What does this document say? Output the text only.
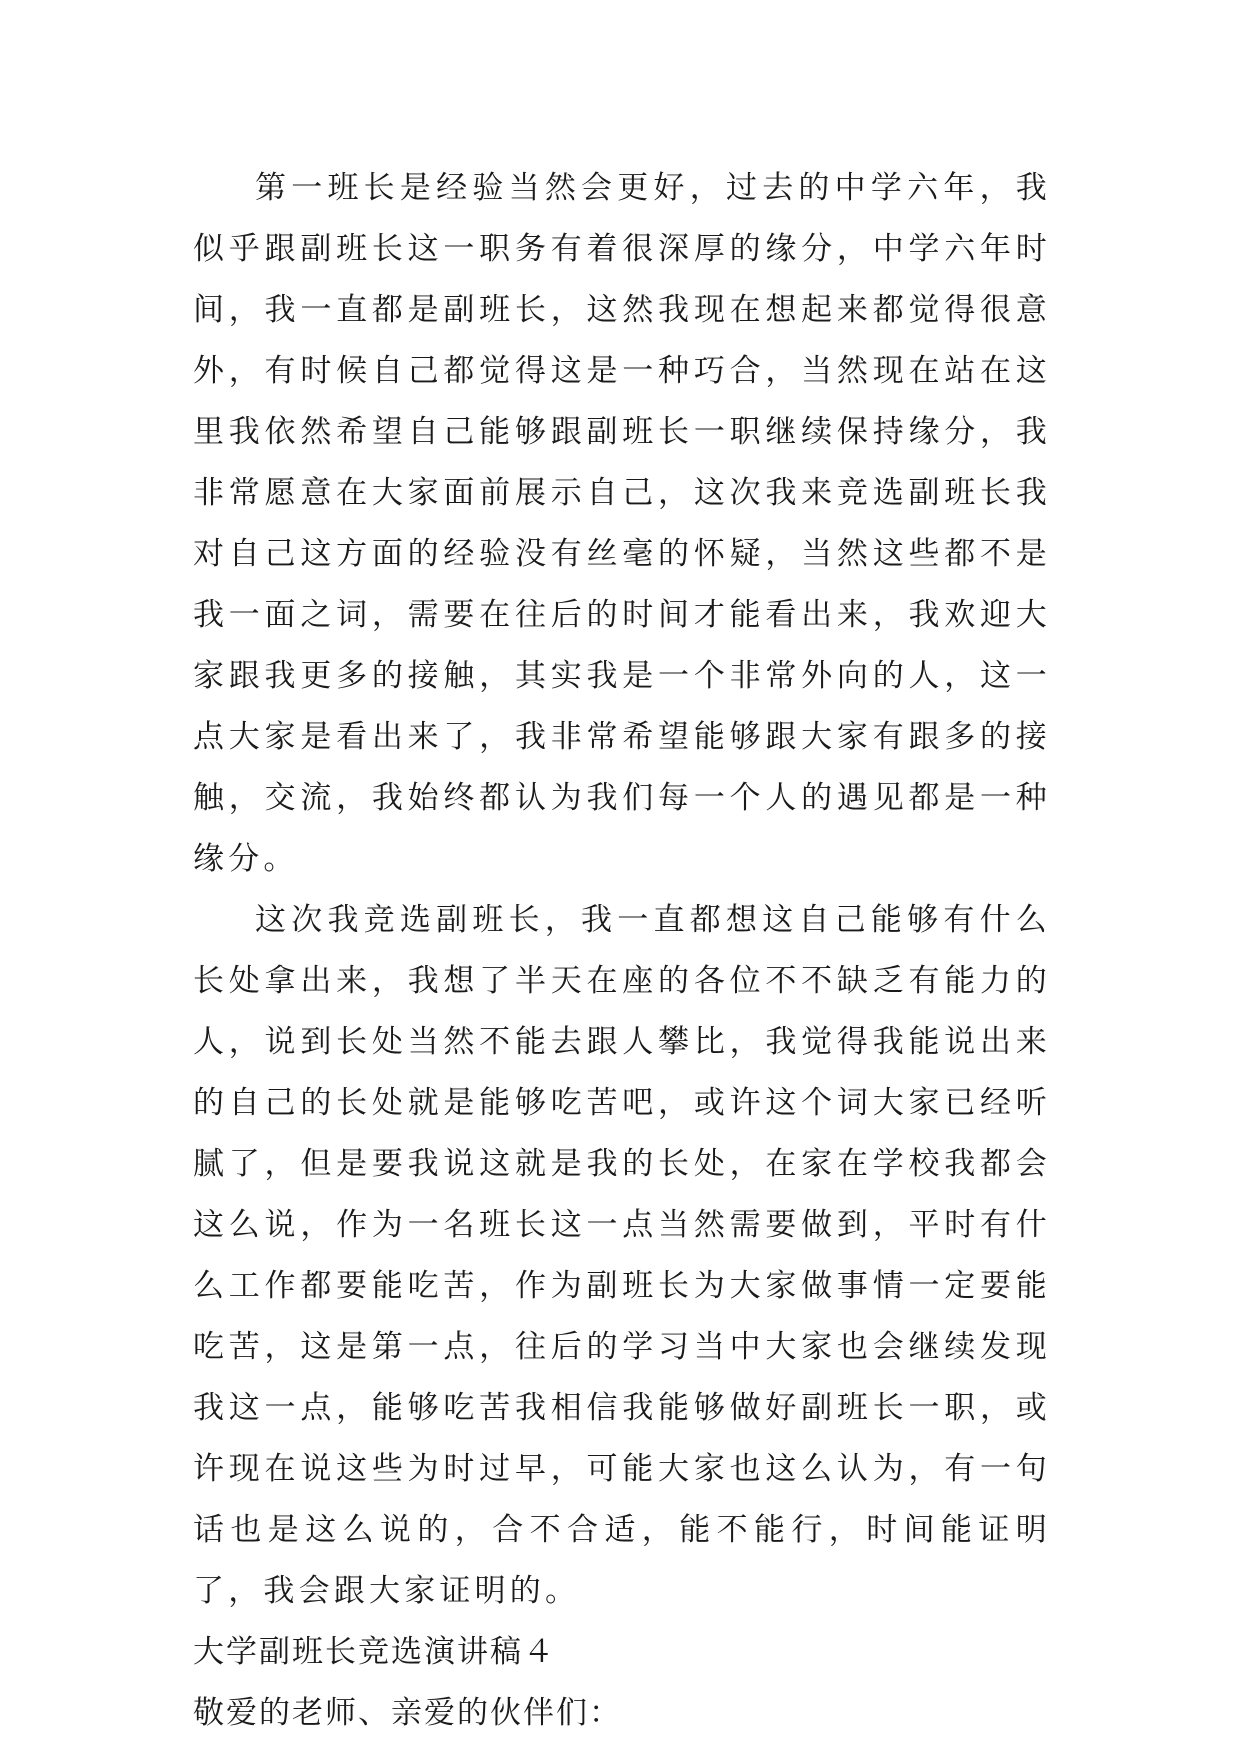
第一班长是经验当然会更好，过去的中学六年，我似乎跟副班长这一职务有着很深厚的缘分，中学六年时间，我一直都是副班长，这然我现在想起来都觉得很意外，有时候自己都觉得这是一种巧合，当然现在站在这里我依然希望自己能够跟副班长一职继续保持缘分，我非常愿意在大家面前展示自己，这次我来竞选副班长我对自己这方面的经验没有丝毫的怀疑，当然这些都不是我一面之词，需要在往后的时间才能看出来，我欢迎大家跟我更多的接触，其实我是一个非常外向的人，这一点大家是看出来了，我非常希望能够跟大家有跟多的接触，交流，我始终都认为我们每一个人的遇见都是一种缘分。

这次我竞选副班长，我一直都想这自己能够有什么长处拿出来，我想了半天在座的各位不不缺乏有能力的人，说到长处当然不能去跟人攀比，我觉得我能说出来的自己的长处就是能够吃苦吧，或许这个词大家已经听腻了，但是要我说这就是我的长处，在家在学校我都会这么说，作为一名班长这一点当然需要做到，平时有什么工作都要能吃苦，作为副班长为大家做事情一定要能吃苦，这是第一点，往后的学习当中大家也会继续发现我这一点，能够吃苦我相信我能够做好副班长一职，或许现在说这些为时过早，可能大家也这么认为，有一句话也是这么说的，合不合适，能不能行，时间能证明了，我会跟大家证明的。

大学副班长竞选演讲稿４

敬爱的老师、亲爱的伙伴们：
